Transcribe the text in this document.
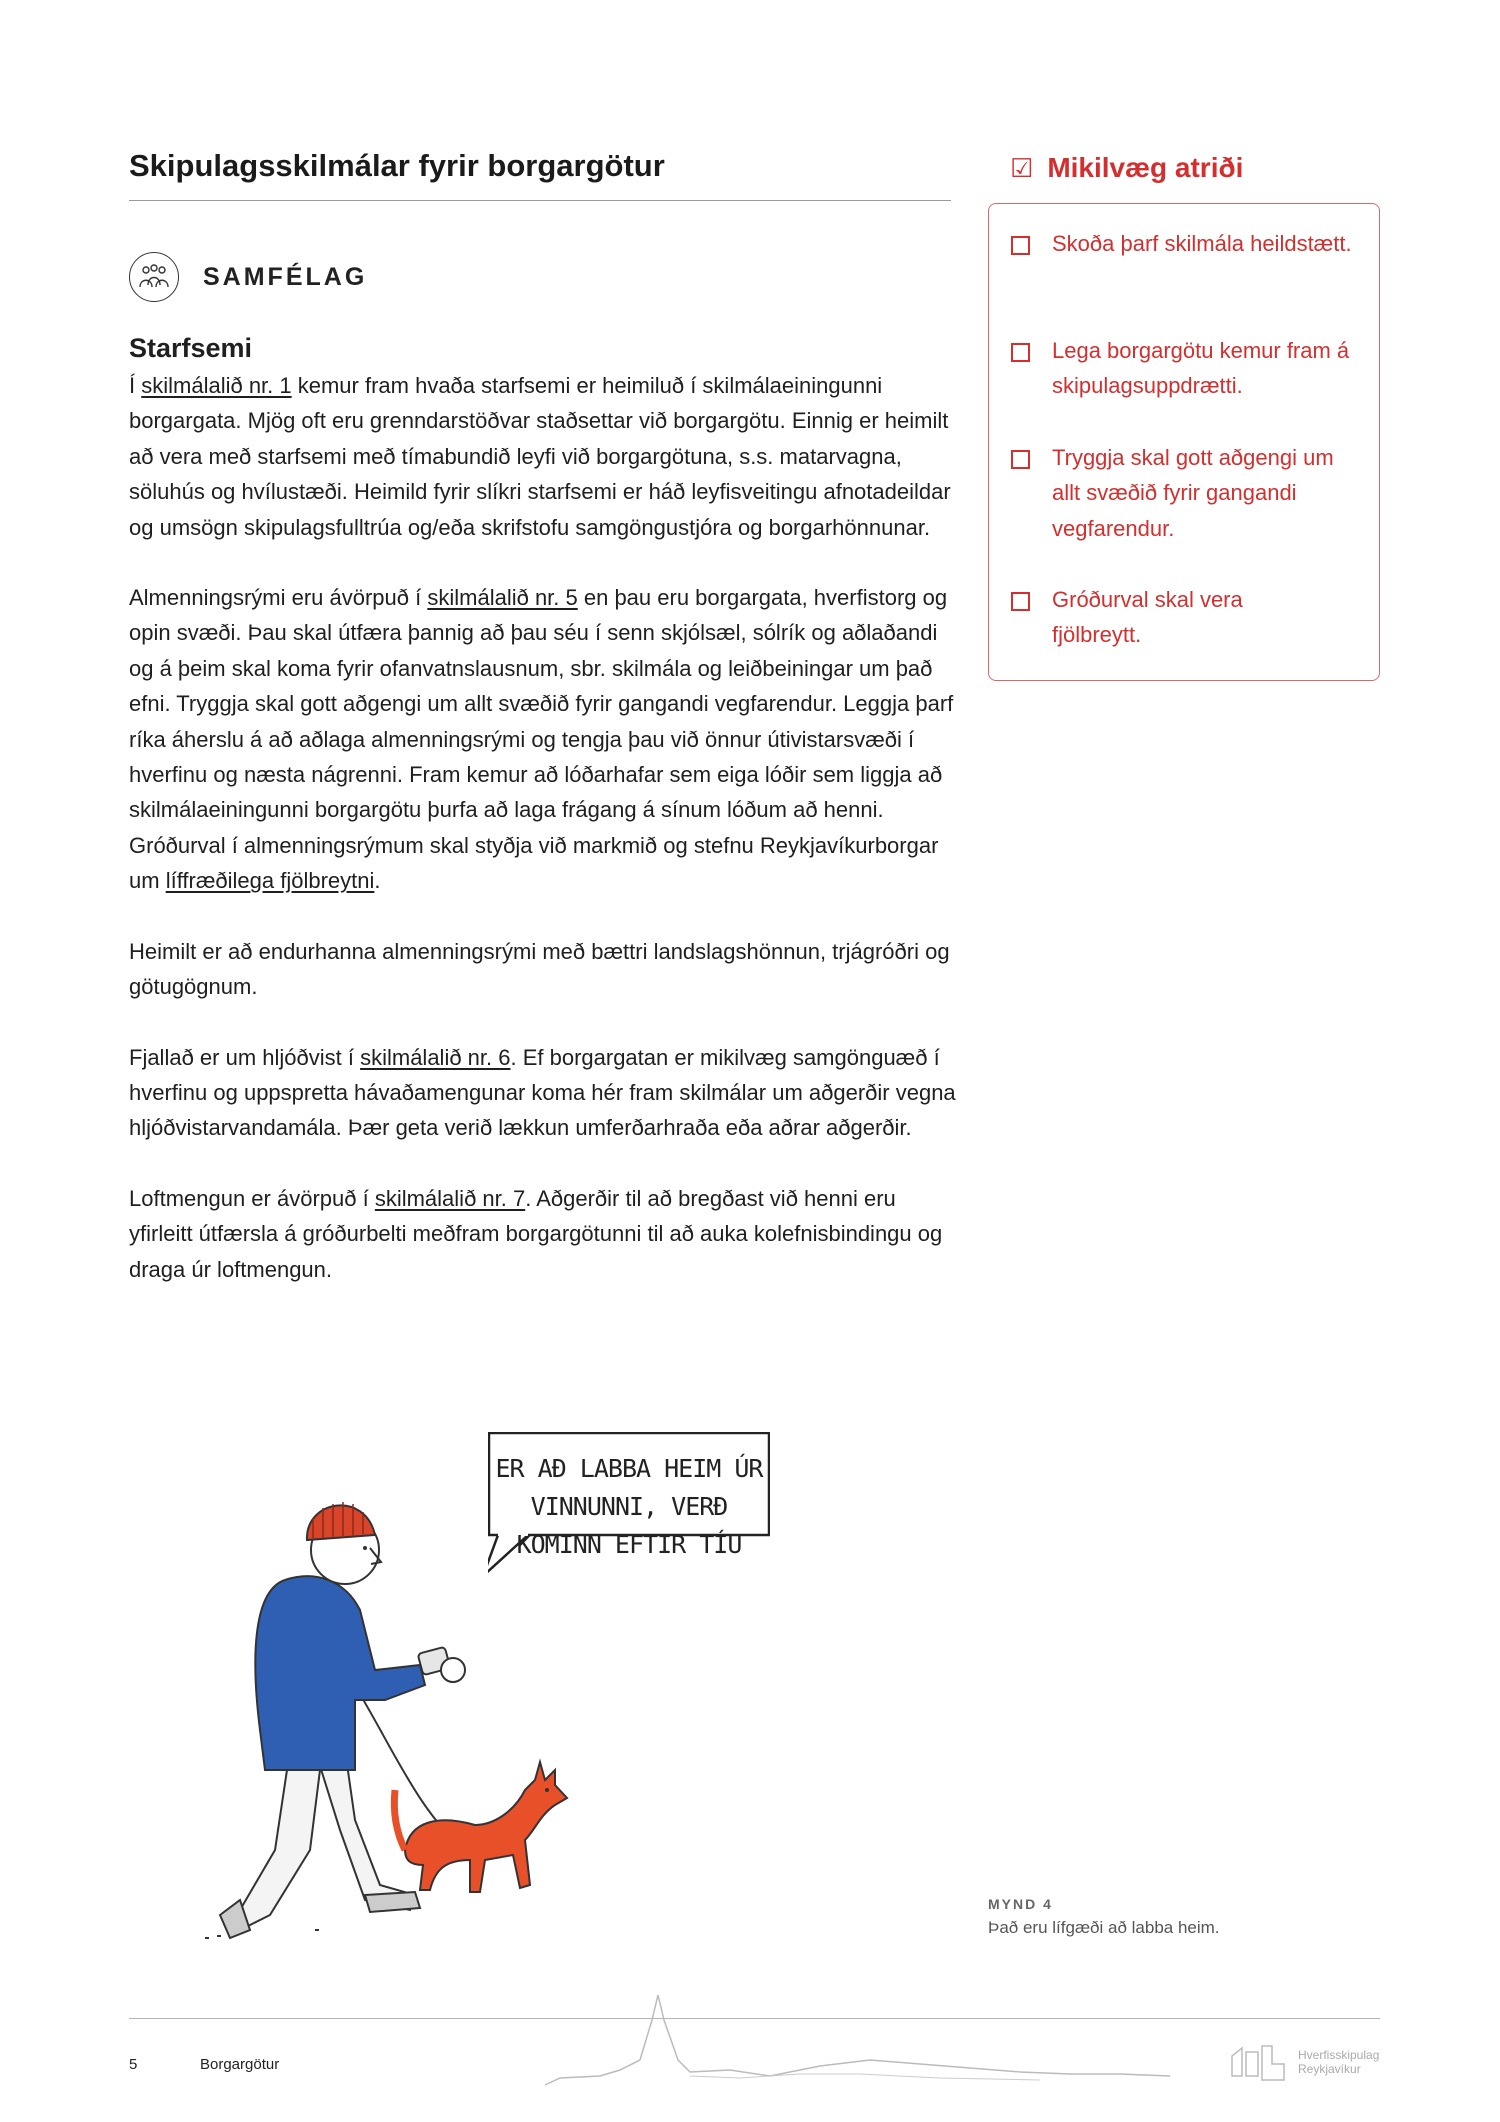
Skipulagsskilmálar fyrir borgargötur
SAMFÉLAG
Starfsemi

Í skilmálalið nr. 1 kemur fram hvaða starfsemi er heimiluð í skilmálaeiningunni borgargata. Mjög oft eru grenndarstöðvar staðsettar við borgargötu. Einnig er heimilt að vera með starfsemi með tímabundið leyfi við borgargötuna, s.s. matarvagna, söluhús og hvílustæði. Heimild fyrir slíkri starfsemi er háð leyfisveitingu afnotadeildar og umsögn skipulagsfulltrúa og/eða skrifstofu samgöngustjóra og borgarhönnunar.

Almenningsrými eru ávörpuð í skilmálalið nr. 5 en þau eru borgargata, hverfistorg og opin svæði. Þau skal útfæra þannig að þau séu í senn skjólsæl, sólrík og aðlaðandi og á þeim skal koma fyrir ofanvatnslausnum, sbr. skilmála og leiðbeiningar um það efni. Tryggja skal gott aðgengi um allt svæðið fyrir gangandi vegfarendur. Leggja þarf ríka áherslu á að aðlaga almenningsrými og tengja þau við önnur útivistarsvæði í hverfinu og næsta nágrenni. Fram kemur að lóðarhafar sem eiga lóðir sem liggja að skilmálaeiningunni borgargötu þurfa að laga frágang á sínum lóðum að henni. Gróðurval í almenningsrýmum skal styðja við markmið og stefnu Reykjavíkurborgar um líffræðilega fjölbreytni.

Heimilt er að endurhanna almenningsrými með bættri landslagshönnun, trjágróðri og götugögnum.

Fjallað er um hljóðvist í skilmálalið nr. 6. Ef borgargatan er mikilvæg samgönguæð í hverfinu og uppspretta hávaðamengunar koma hér fram skilmálar um aðgerðir vegna hljóðvistarvandamála. Þær geta verið lækkun umferðarhraða eða aðrar aðgerðir.

Loftmengun er ávörpuð í skilmálalið nr. 7. Aðgerðir til að bregðast við henni eru yfirleitt útfærsla á gróðurbelti meðfram borgargötunni til að auka kolefnisbindingu og draga úr loftmengun.

☑ Mikilvæg atriði
Skoða þarf skilmála heildstætt.
Lega borgargötu kemur fram á skipulagsuppdrætti.
Tryggja skal gott aðgengi um allt svæðið fyrir gangandi vegfarendur.
Gróðurval skal vera fjölbreytt.
ER AÐ LABBA HEIM ÚR
VINNUNNI, VERÐ
KOMINN EFTIR TÍU
MYND 4
Það eru lífgæði að labba heim.
5	Borgargötur
Hverfisskipulag
Reykjavíkur
